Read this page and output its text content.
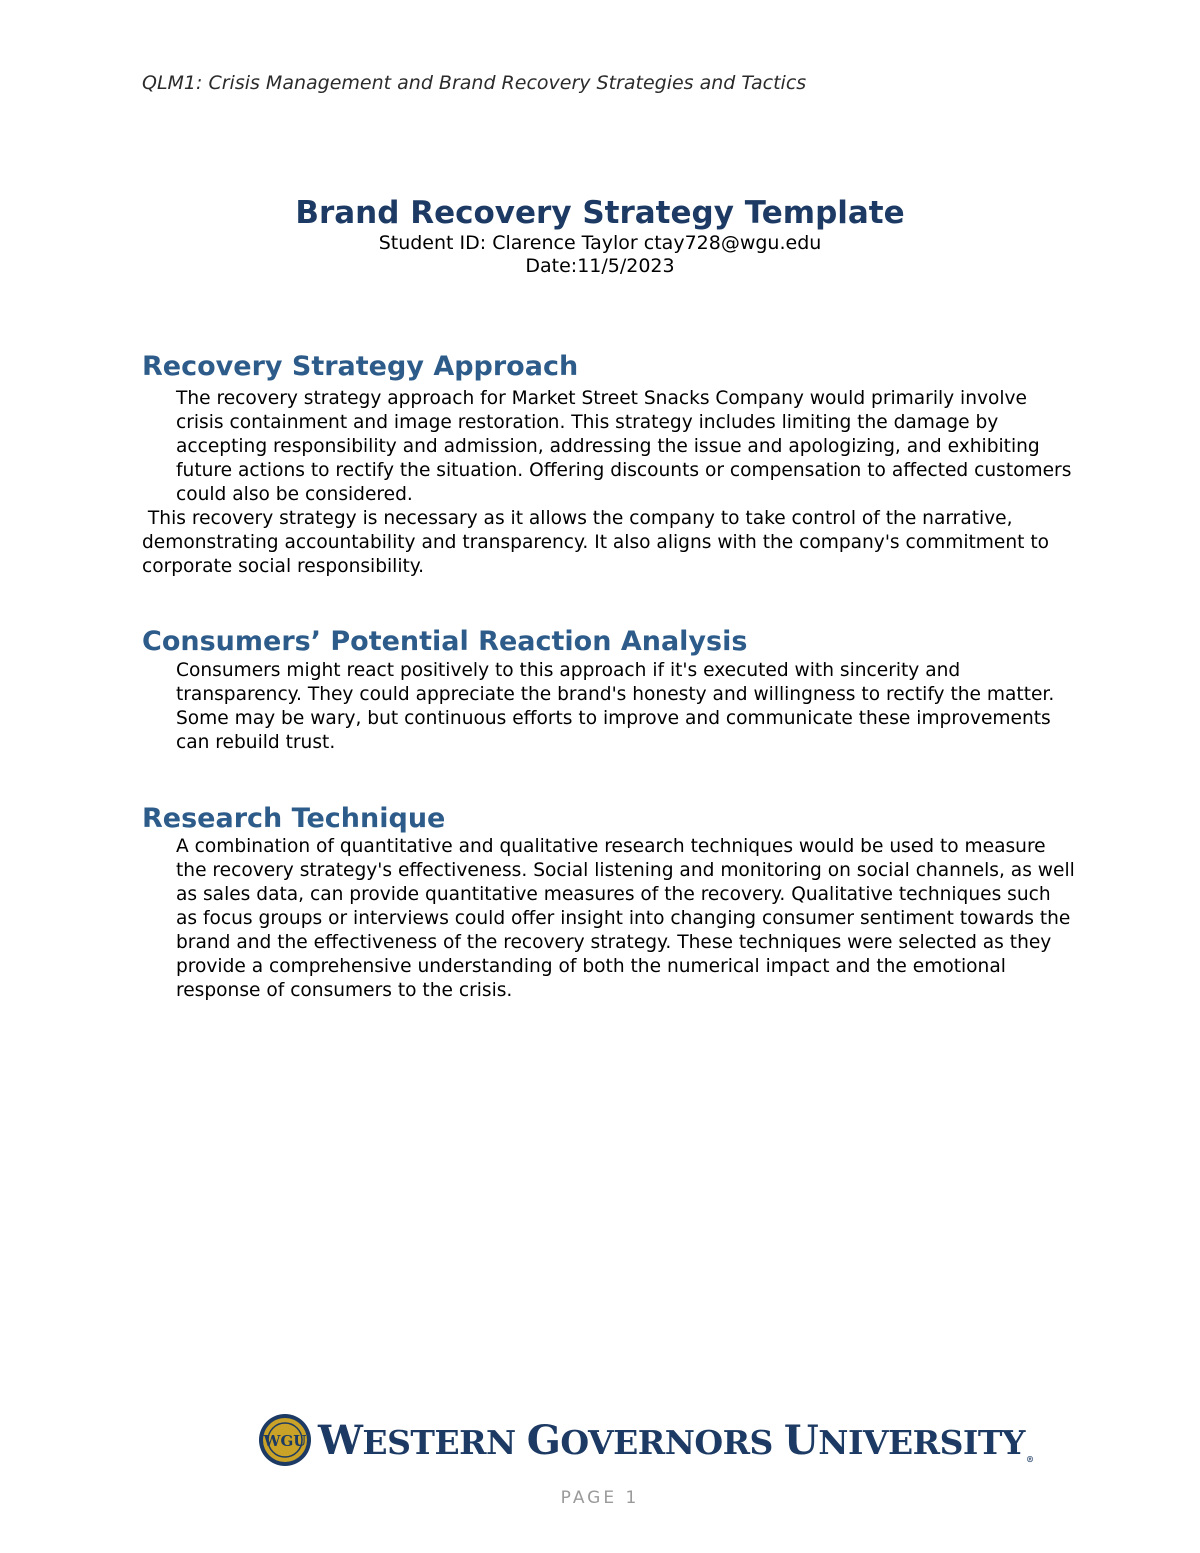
QLM1: Crisis Management and Brand Recovery Strategies and Tactics
Brand Recovery Strategy Template
Student ID: Clarence Taylor ctay728@wgu.edu
Date:11/5/2023
Recovery Strategy Approach
The recovery strategy approach for Market Street Snacks Company would primarily involve crisis containment and image restoration. This strategy includes limiting the damage by accepting responsibility and admission, addressing the issue and apologizing, and exhibiting future actions to rectify the situation. Offering discounts or compensation to affected customers could also be considered.
This recovery strategy is necessary as it allows the company to take control of the narrative, demonstrating accountability and transparency. It also aligns with the company's commitment to corporate social responsibility.
Consumers’ Potential Reaction Analysis
Consumers might react positively to this approach if it's executed with sincerity and transparency. They could appreciate the brand's honesty and willingness to rectify the matter. Some may be wary, but continuous efforts to improve and communicate these improvements can rebuild trust.
Research Technique
A combination of quantitative and qualitative research techniques would be used to measure the recovery strategy's effectiveness. Social listening and monitoring on social channels, as well as sales data, can provide quantitative measures of the recovery. Qualitative techniques such as focus groups or interviews could offer insight into changing consumer sentiment towards the brand and the effectiveness of the recovery strategy. These techniques were selected as they provide a comprehensive understanding of both the numerical impact and the emotional response of consumers to the crisis.
WGU WESTERN GOVERNORS UNIVERSITY®
PAGE 1
